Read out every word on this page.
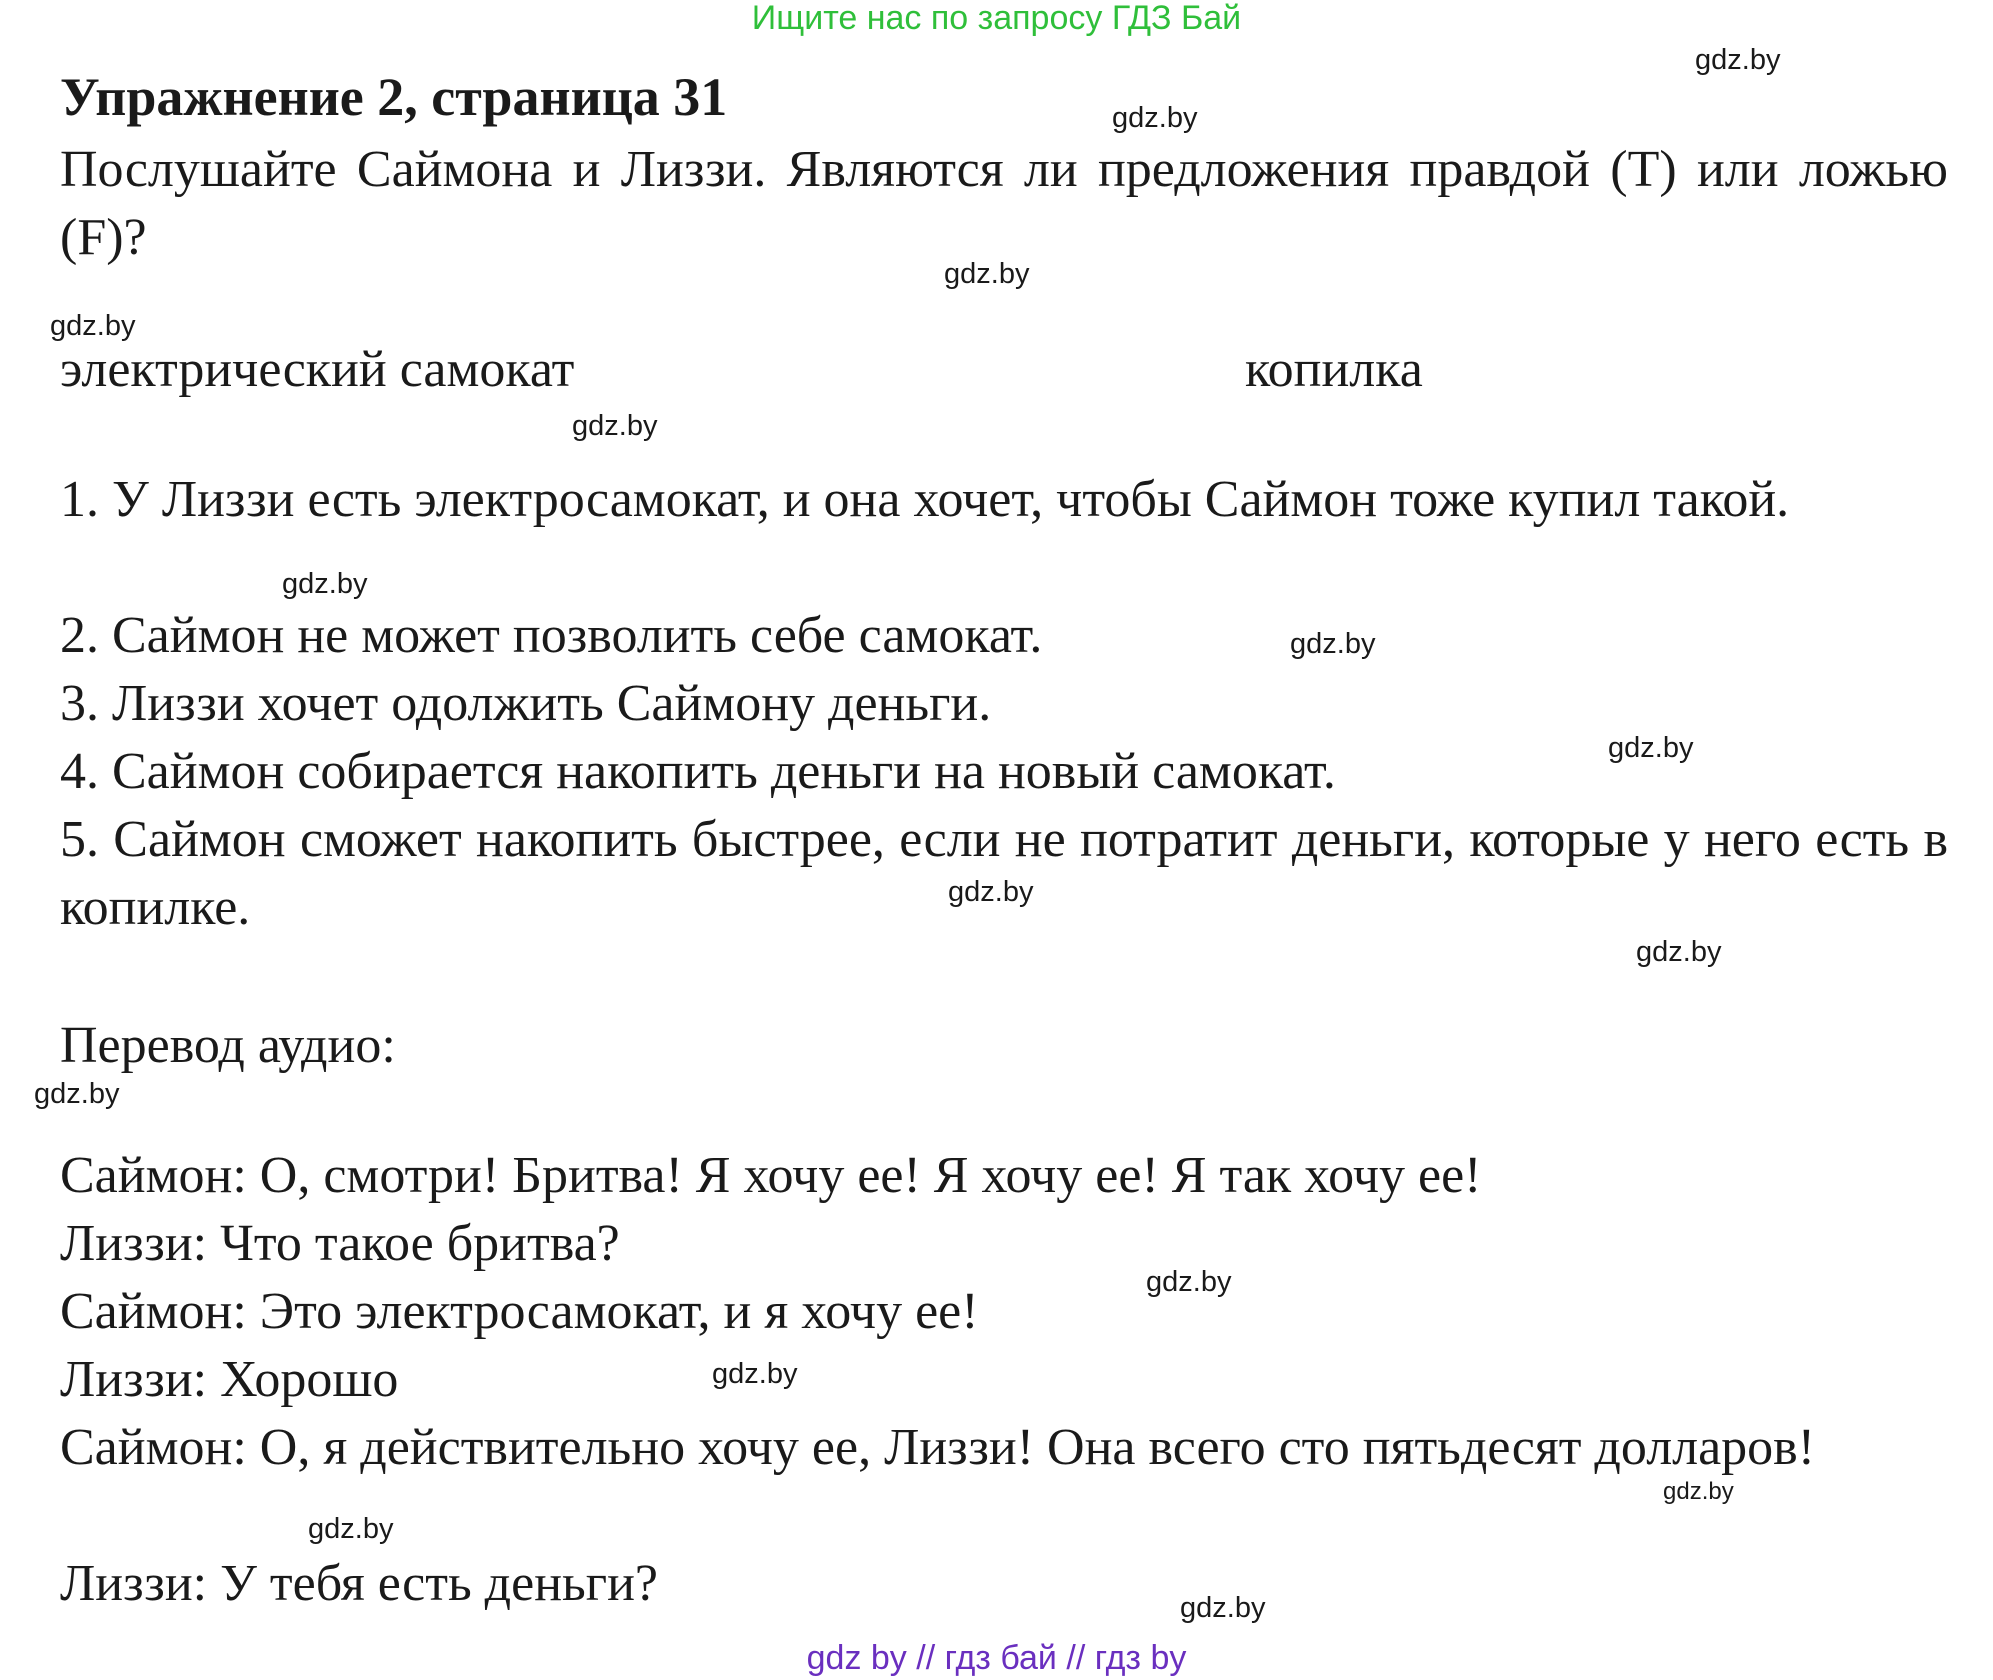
Ищите нас по запросу ГДЗ Бай
Упражнение 2, страница 31

Послушайте Саймона и Лиззи. Являются ли предложения правдой (T) или ложью (F)?

электрический самокат	копилка

1. У Лиззи есть электросамокат, и она хочет, чтобы Саймон тоже купил такой.

2. Саймон не может позволить себе самокат.

3. Лиззи хочет одолжить Саймону деньги.

4. Саймон собирается накопить деньги на новый самокат.

5. Саймон сможет накопить быстрее, если не потратит деньги, которые у него есть в копилке.

Перевод аудио:

Саймон: О, смотри! Бритва! Я хочу ее! Я хочу ее! Я так хочу ее!

Лиззи: Что такое бритва?

Саймон: Это электросамокат, и я хочу ее!

Лиззи: Хорошо

Саймон: О, я действительно хочу ее, Лиззи! Она всего сто пятьдесят долларов!

Лиззи: У тебя есть деньги?

gdz.by
gdz.by
gdz.by
gdz.by
gdz.by
gdz.by
gdz.by
gdz.by
gdz.by
gdz.by
gdz.by
gdz.by
gdz.by
gdz.by
gdz.by
gdz.by
gdz by // гдз бай // гдз by
